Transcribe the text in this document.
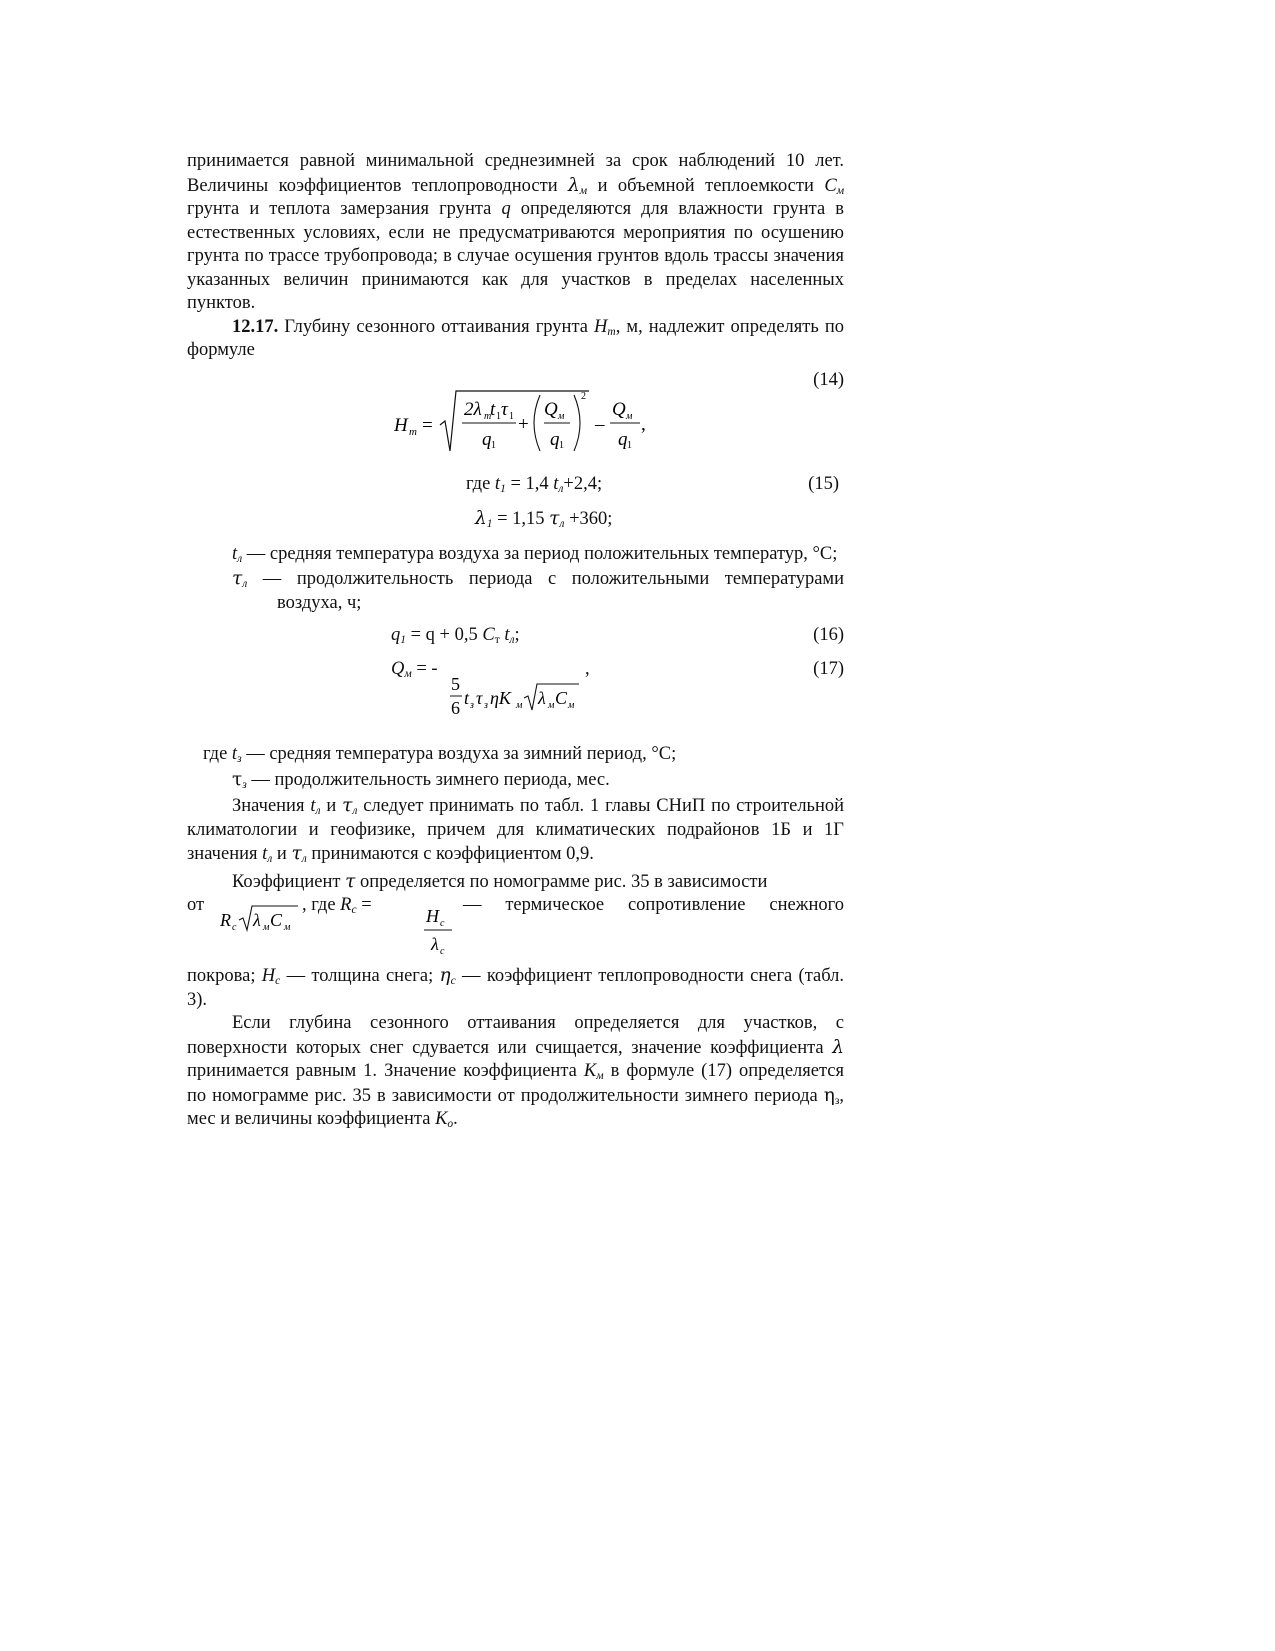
принимается равной минимальной среднезимней за срок наблюдений 10 лет. Величины коэффициентов теплопроводности λм и объемной теплоемкости Cм грунта и теплота замерзания грунта q определяются для влажности грунта в естественных условиях, если не предусматриваются мероприятия по осушению грунта по трассе трубопровода; в случае осушения грунтов вдоль трассы значения указанных величин принимаются как для участков в пределах населенных пунктов.

12.17. Глубину сезонного оттаивания грунта Hт, м, надлежит определять по формуле

(14)
H т =
2λ т
t 1 τ 1
q 1
+
Q м
q 1
2
–
Q м
q 1
,
где t1 = 1,4 tл+2,4;	(15)
λ1 = 1,15 τл +360;

tл — средняя температура воздуха за период положительных температур, °С;

τл — продолжительность периода с положительными температурами воздуха, ч;

q1 = q + 0,5 Cт tл;	(16)
Qм = -	,	(17)
5
6 t з τ з ηK м λ м C м

где tз — средняя температура воздуха за зимний период, °С;

τз — продолжительность зимнего периода, мес.

Значения tл и τл следует принимать по табл. 1 главы СНиП по строительной климатологии и геофизике, причем для климатических подрайонов 1Б и 1Г значения tл и τл принимаются с коэффициентом 0,9.

Коэффициент τ определяется по номограмме рис. 35 в зависимости

от	, где Rc =	— термическое сопротивление снежного
R c λ м C м
H c
λ c

покрова; Hc — толщина снега; ηc — коэффициент теплопроводности снега (табл. 3).

Если глубина сезонного оттаивания определяется для участков, с поверхности которых снег сдувается или счищается, значение коэффициента λ принимается равным 1. Значение коэффициента Kм в формуле (17) определяется по номограмме рис. 35 в зависимости от продолжительности зимнего периода ηз, мес и величины коэффициента Ko.
